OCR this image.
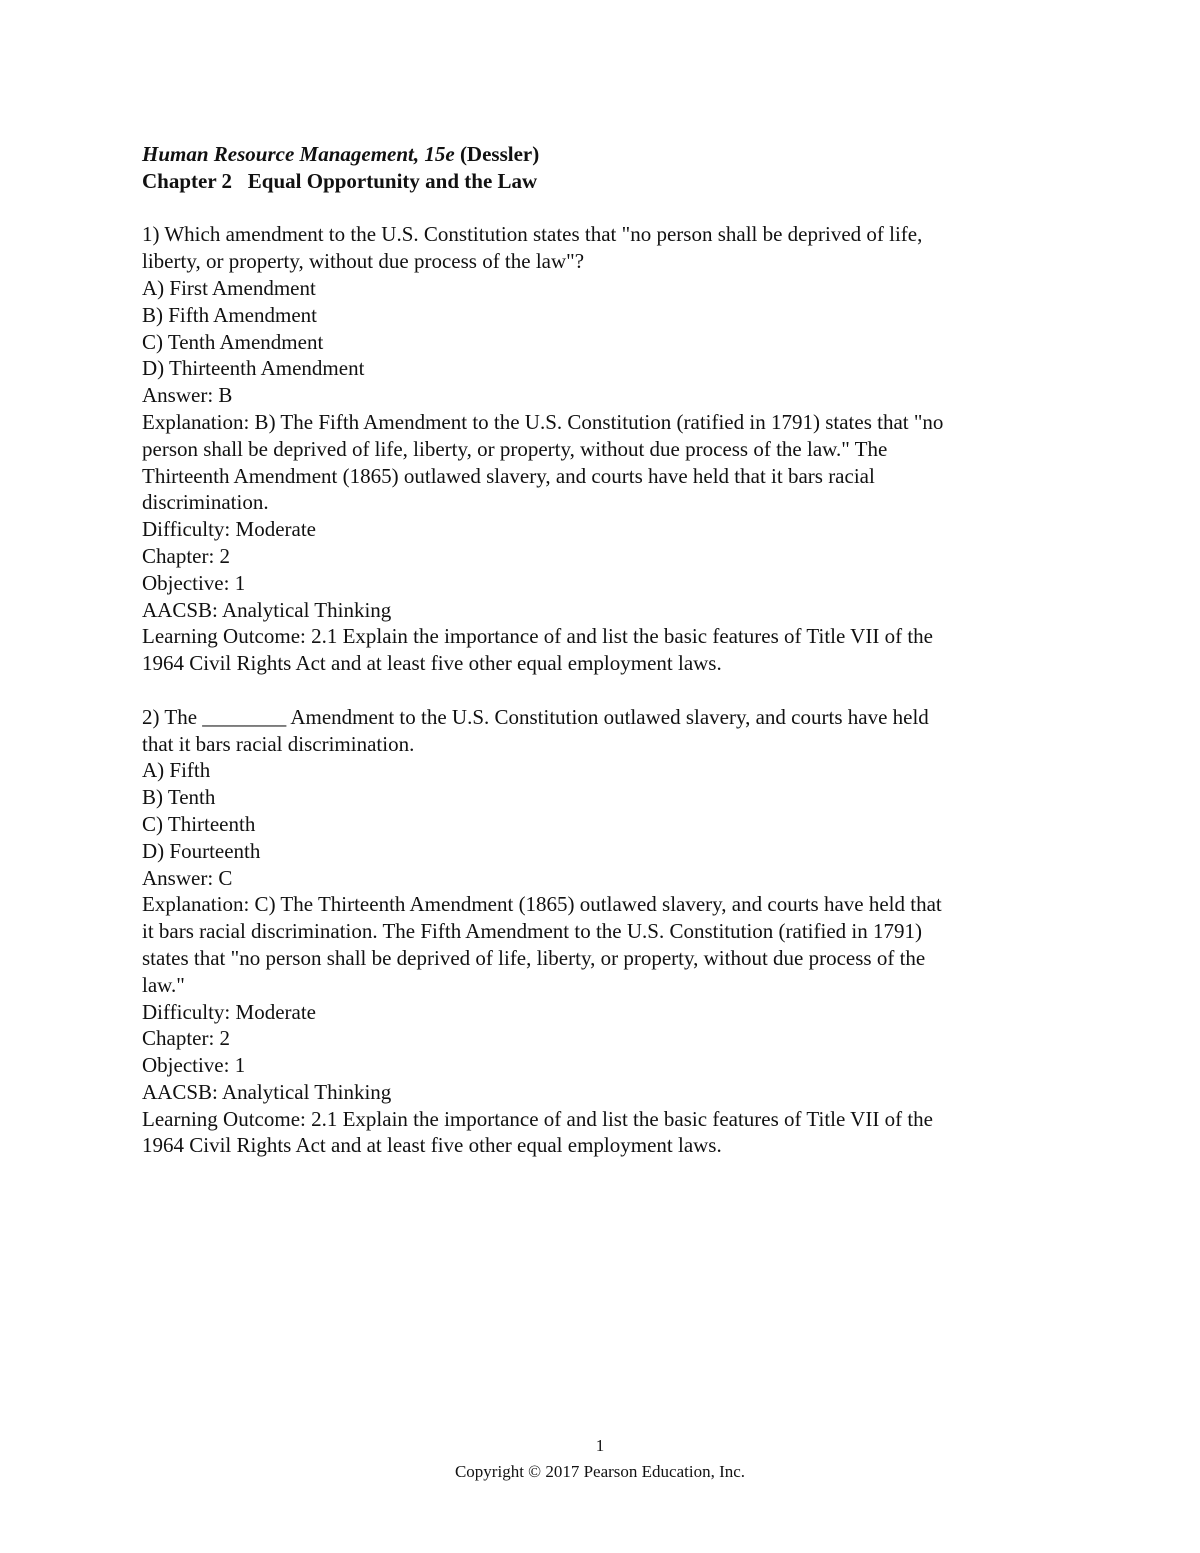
Human Resource Management, 15e (Dessler)
Chapter 2 Equal Opportunity and the Law
1) Which amendment to the U.S. Constitution states that "no person shall be deprived of life,
liberty, or property, without due process of the law"?
A) First Amendment
B) Fifth Amendment
C) Tenth Amendment
D) Thirteenth Amendment
Answer: B
Explanation: B) The Fifth Amendment to the U.S. Constitution (ratified in 1791) states that "no
person shall be deprived of life, liberty, or property, without due process of the law." The
Thirteenth Amendment (1865) outlawed slavery, and courts have held that it bars racial
discrimination.
Difficulty: Moderate
Chapter: 2
Objective: 1
AACSB: Analytical Thinking
Learning Outcome: 2.1 Explain the importance of and list the basic features of Title VII of the
1964 Civil Rights Act and at least five other equal employment laws.
2) The ________ Amendment to the U.S. Constitution outlawed slavery, and courts have held
that it bars racial discrimination.
A) Fifth
B) Tenth
C) Thirteenth
D) Fourteenth
Answer: C
Explanation: C) The Thirteenth Amendment (1865) outlawed slavery, and courts have held that
it bars racial discrimination. The Fifth Amendment to the U.S. Constitution (ratified in 1791)
states that "no person shall be deprived of life, liberty, or property, without due process of the
law."
Difficulty: Moderate
Chapter: 2
Objective: 1
AACSB: Analytical Thinking
Learning Outcome: 2.1 Explain the importance of and list the basic features of Title VII of the
1964 Civil Rights Act and at least five other equal employment laws.
1
Copyright © 2017 Pearson Education, Inc.
